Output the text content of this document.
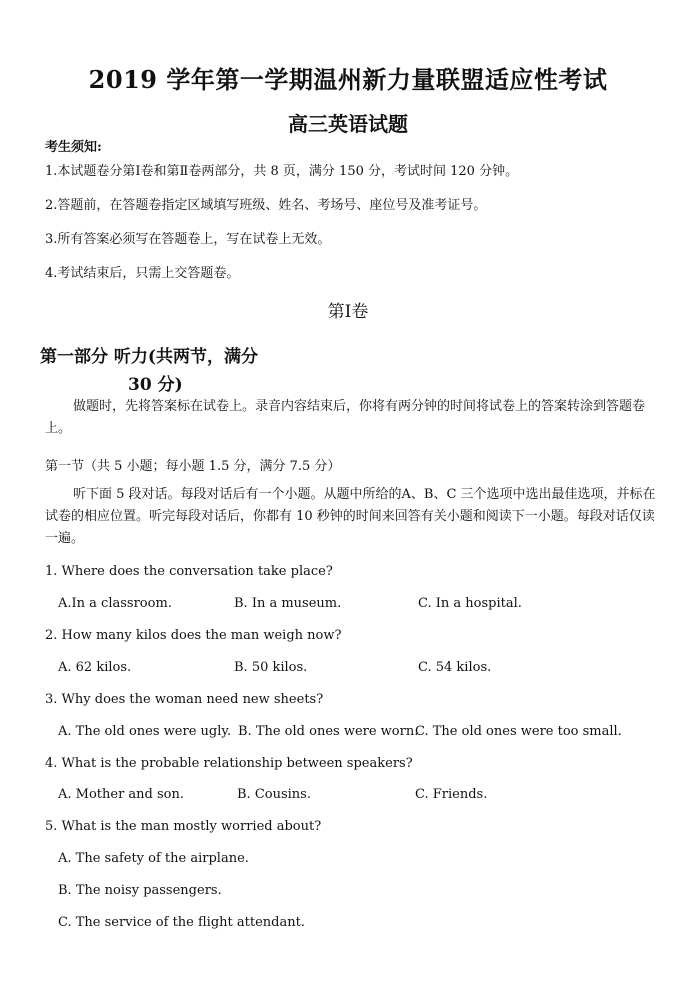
2019 学年第一学期温州新力量联盟适应性考试
高三英语试题
考生须知:
1.本试题卷分第Ⅰ卷和第Ⅱ卷两部分，共 8 页，满分 150 分，考试时间 120 分钟。
2.答题前，在答题卷指定区域填写班级、姓名、考场号、座位号及准考证号。
3.所有答案必须写在答题卷上，写在试卷上无效。
4.考试结束后，只需上交答题卷。
第Ⅰ卷
第一部分 听力(共两节，满分
30 分)
做题时，先将答案标在试卷上。录音内容结束后，你将有两分钟的时间将试卷上的答案转涂到答题卷上。
第一节（共 5 小题；每小题 1.5 分，满分 7.5 分）
听下面 5 段对话。每段对话后有一个小题。从题中所给的A、B、C 三个选项中选出最佳选项，并标在试卷的相应位置。听完每段对话后，你都有 10 秒钟的时间来回答有关小题和阅读下一小题。每段对话仅读一遍。
1. Where does the conversation take place?
A.In a classroom.	B. In a museum.	C. In a hospital.
2. How many kilos does the man weigh now?
A. 62 kilos.	B. 50 kilos.	C. 54 kilos.
3. Why does the woman need new sheets?
A. The old ones were ugly. B. The old ones were worn.
C. The old ones were too small.
4. What is the probable relationship between speakers?
A. Mother and son.	B. Cousins.	C. Friends.
5. What is the man mostly worried about?
A. The safety of the airplane.
B. The noisy passengers.
C. The service of the flight attendant.
